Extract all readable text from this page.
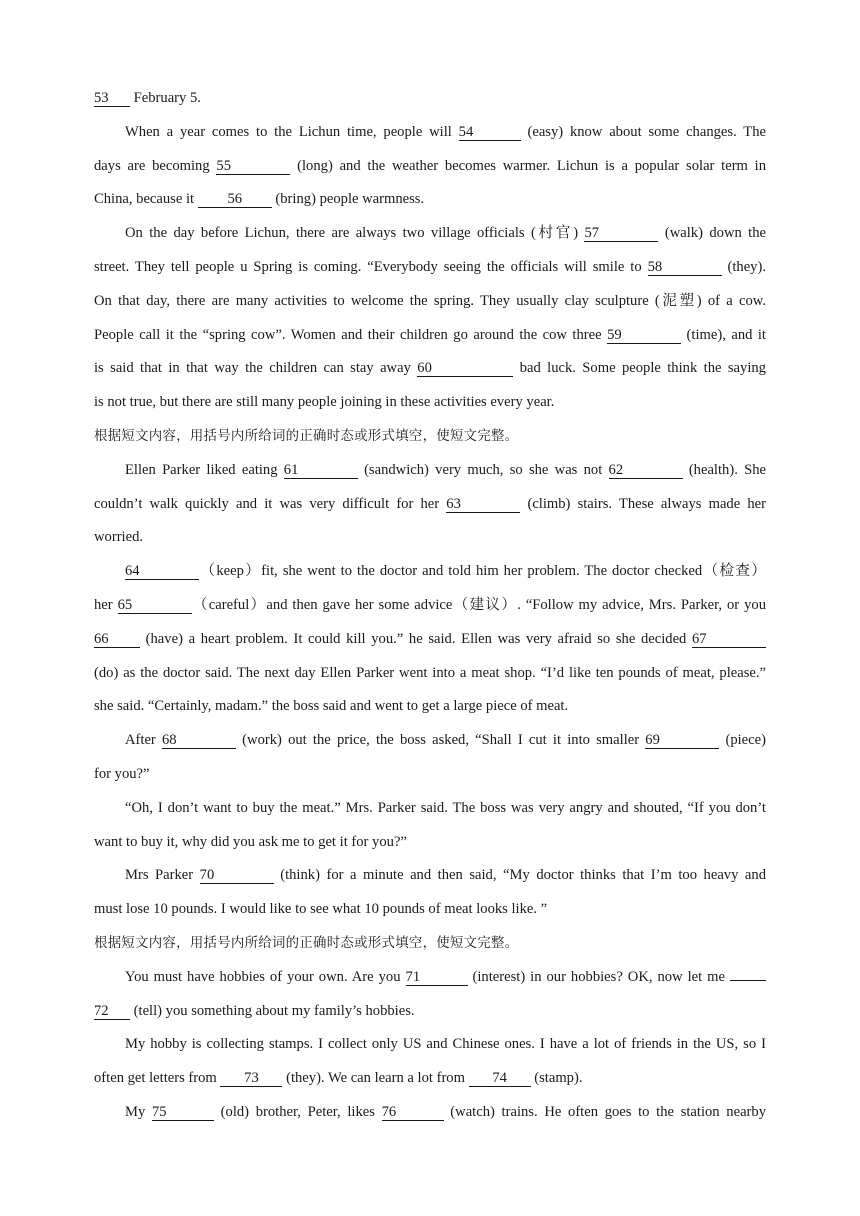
53 February 5.
When a year comes to the Lichun time, people will 54	(easy) know about some changes. The
days are becoming 55	(long) and the weather becomes warmer. Lichun is a popular solar term in
China, because it 56 (bring) people warmness.
On the day before Lichun, there are always two village officials (村官) 57	(walk) down the
street. They tell people u Spring is coming. “Everybody seeing the officials will smile to 58	(they).
On that day, there are many activities to welcome the spring. They usually clay sculpture (泥塑) of a cow.
People call it the “spring cow”. Women and their children go around the cow three 59	(time), and it
is said that in that way the children can stay away 60	bad luck. Some people think the saying
is not true, but there are still many people joining in these activities every year.
根据短文内容，用括号内所给词的正确时态或形式填空，使短文完整。
Ellen Parker liked eating 61	(sandwich) very much, so she was not 62	(health). She
couldn’t walk quickly and it was very difficult for her 63	(climb) stairs. These always made her
worried.
64	（keep）fit, she went to the doctor and told him her problem. The doctor checked（检查）
her 65	（careful）and then gave her some advice（建议）. “Follow my advice, Mrs. Parker, or you
66 (have) a heart problem. It could kill you.” he said. Ellen was very afraid so she decided 67
(do) as the doctor said. The next day Ellen Parker went into a meat shop. “I’d like ten pounds of meat, please.”
she said. “Certainly, madam.” the boss said and went to get a large piece of meat.
After 68	(work) out the price, the boss asked, “Shall I cut it into smaller 69	(piece)
for you?”
“Oh, I don’t want to buy the meat.” Mrs. Parker said. The boss was very angry and shouted, “If you don’t
want to buy it, why did you ask me to get it for you?”
Mrs Parker 70	(think) for a minute and then said, “My doctor thinks that I’m too heavy and
must lose 10 pounds. I would like to see what 10 pounds of meat looks like. ”
根据短文内容，用括号内所给词的正确时态或形式填空，使短文完整。
You must have hobbies of your own. Are you 71	(interest) in our hobbies? OK, now let me
72 (tell) you something about my family’s hobbies.
My hobby is collecting stamps. I collect only US and Chinese ones. I have a lot of friends in the US, so I
often get letters from 73 (they). We can learn a lot from 74 (stamp).
My 75	(old) brother, Peter, likes 76	(watch) trains. He often goes to the station nearby
